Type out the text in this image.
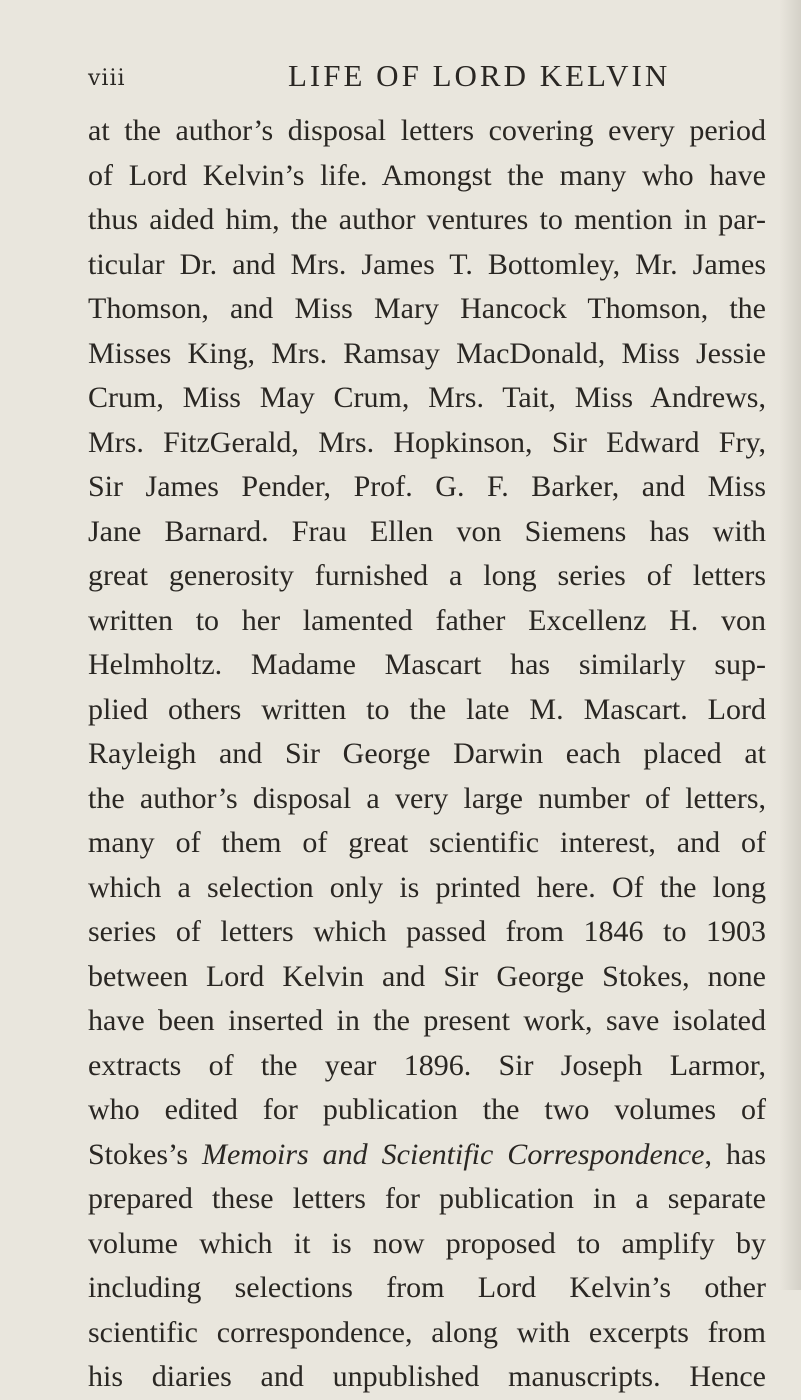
viii	LIFE OF LORD KELVIN
at the author’s disposal letters covering every period
of Lord Kelvin’s life. Amongst the many who have
thus aided him, the author ventures to mention in par-
ticular Dr. and Mrs. James T. Bottomley, Mr. James
Thomson, and Miss Mary Hancock Thomson, the
Misses King, Mrs. Ramsay MacDonald, Miss Jessie
Crum, Miss May Crum, Mrs. Tait, Miss Andrews,
Mrs. FitzGerald, Mrs. Hopkinson, Sir Edward Fry,
Sir James Pender, Prof. G. F. Barker, and Miss
Jane Barnard. Frau Ellen von Siemens has with
great generosity furnished a long series of letters
written to her lamented father Excellenz H. von
Helmholtz. Madame Mascart has similarly sup-
plied others written to the late M. Mascart. Lord
Rayleigh and Sir George Darwin each placed at
the author’s disposal a very large number of letters,
many of them of great scientific interest, and of
which a selection only is printed here. Of the long
series of letters which passed from 1846 to 1903
between Lord Kelvin and Sir George Stokes, none
have been inserted in the present work, save isolated
extracts of the year 1896. Sir Joseph Larmor,
who edited for publication the two volumes of
Stokes’s Memoirs and Scientific Correspondence, has
prepared these letters for publication in a separate
volume which it is now proposed to amplify by
including selections from Lord Kelvin’s other
scientific correspondence, along with excerpts from
his diaries and unpublished manuscripts. Hence
